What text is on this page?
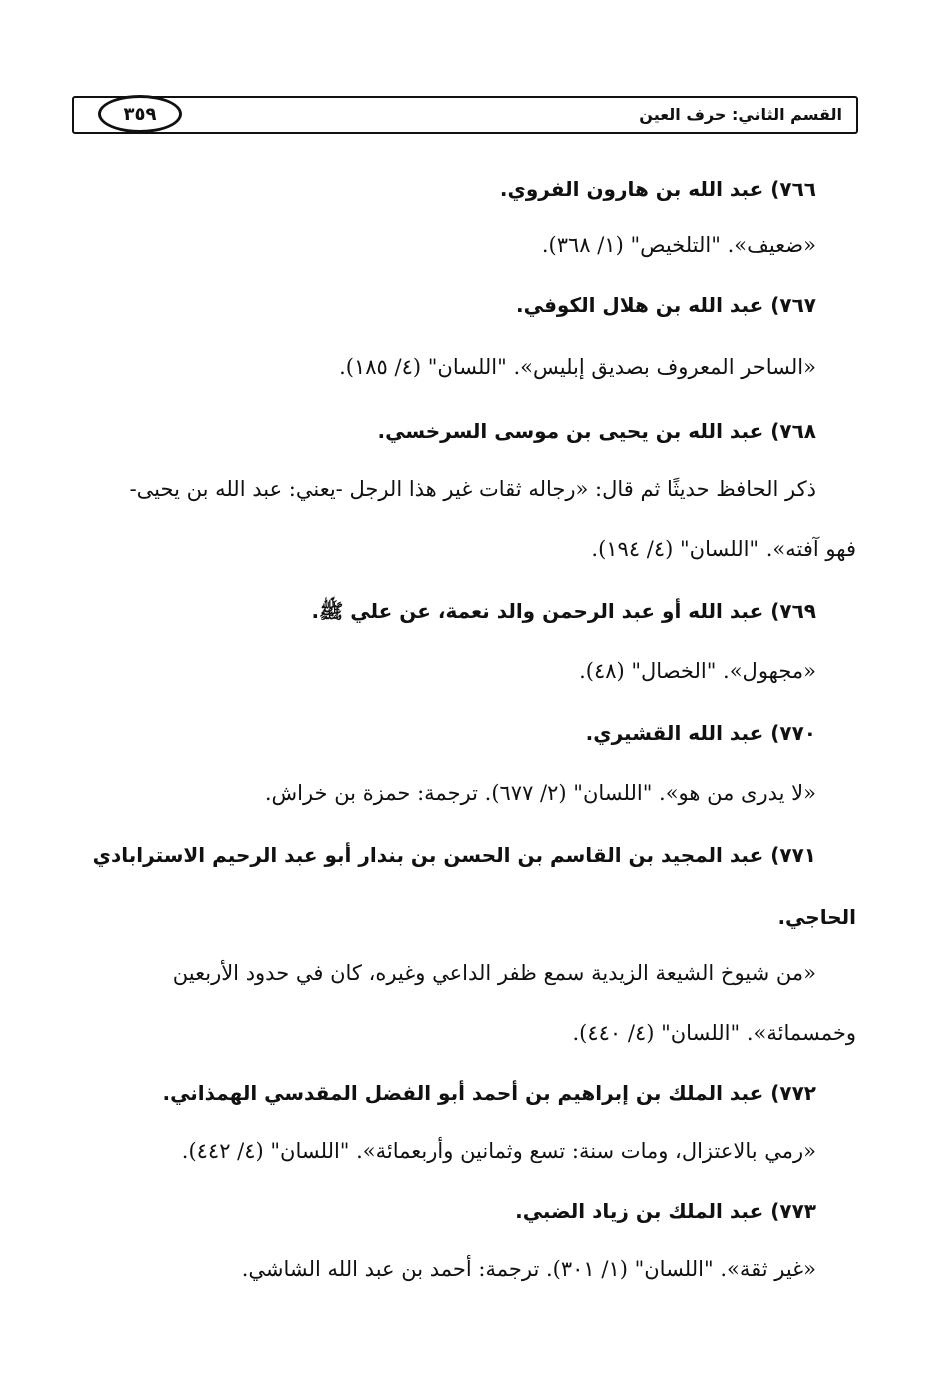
القسم الثاني: حرف العين
٣٥٩
٧٦٦) عبد الله بن هارون الفروي.
«ضعيف». "التلخيص" (١/ ٣٦٨).
٧٦٧) عبد الله بن هلال الكوفي.
«الساحر المعروف بصديق إبليس». "اللسان" (٤/ ١٨٥).
٧٦٨) عبد الله بن يحيى بن موسى السرخسي.
ذكر الحافظ حديثًا ثم قال: «رجاله ثقات غير هذا الرجل -يعني: عبد الله بن يحيى-
فهو آفته». "اللسان" (٤/ ١٩٤).
٧٦٩) عبد الله أو عبد الرحمن والد نعمة، عن علي ﷺ.
«مجهول». "الخصال" (٤٨).
٧٧٠) عبد الله القشيري.
«لا يدرى من هو». "اللسان" (٢/ ٦٧٧). ترجمة: حمزة بن خراش.
٧٧١) عبد المجيد بن القاسم بن الحسن بن بندار أبو عبد الرحيم الاسترابادي
الحاجي.
«من شيوخ الشيعة الزيدية سمع ظفر الداعي وغيره، كان في حدود الأربعين
وخمسمائة». "اللسان" (٤/ ٤٤٠).
٧٧٢) عبد الملك بن إبراهيم بن أحمد أبو الفضل المقدسي الهمذاني.
«رمي بالاعتزال، ومات سنة: تسع وثمانين وأربعمائة». "اللسان" (٤/ ٤٤٢).
٧٧٣) عبد الملك بن زياد الضبي.
«غير ثقة». "اللسان" (١/ ٣٠١). ترجمة: أحمد بن عبد الله الشاشي.
